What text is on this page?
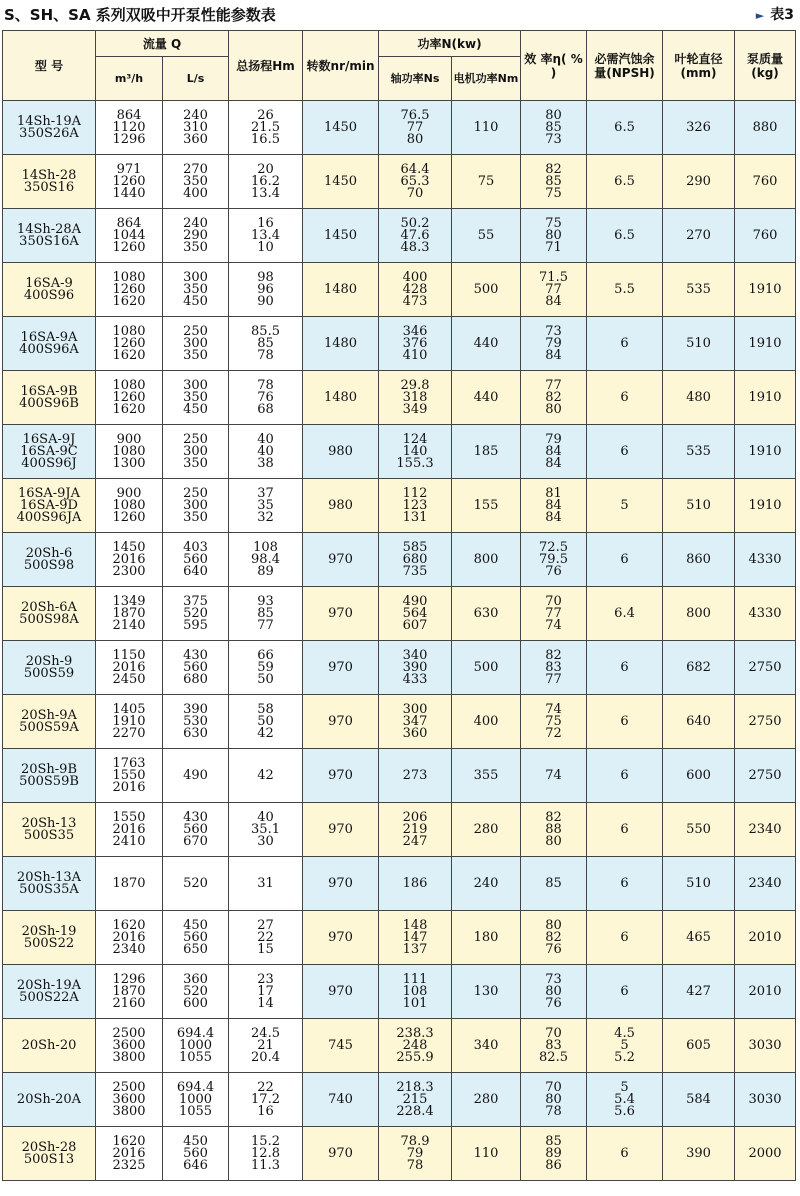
S、SH、SA 系列双吸中开泵性能参数表	► 表3
型 号	流量 Q		总扬程Hm	转数nr/min	功率N(kw)		效 率η( % )	必需汽蚀余 量(NPSH)	叶轮直径(mm)	泵质量(kg)
	m³/h	L/s			轴功率Ns	电机功率Nm				

14Sh-19A
350S26A	864
1120
1296	240
310
360	26
21.5
16.5	1450	76.5
77
80	110	80
85
73	6.5	326	880

14Sh-28
350S16	971
1260
1440	270
350
400	20
16.2
13.4	1450	64.4
65.3
70	75	82
85
75	6.5	290	760

14Sh-28A
350S16A	864
1044
1260	240
290
350	16
13.4
10	1450	50.2
47.6
48.3	55	75
80
71	6.5	270	760

16SA-9
400S96	1080
1260
1620	300
350
450	98
96
90	1480	400
428
473	500	71.5
77
84	5.5	535	1910

16SA-9A
400S96A	1080
1260
1620	250
300
350	85.5
85
78	1480	346
376
410	440	73
79
84	6	510	1910

16SA-9B
400S96B	1080
1260
1620	300
350
450	78
76
68	1480	29.8
318
349	440	77
82
80	6	480	1910

16SA-9J
16SA-9C
400S96J	900
1080
1300	250
300
350	40
40
38	980	124
140
155.3	185	79
84
84	6	535	1910

16SA-9JA
16SA-9D
400S96JA	900
1080
1260	250
300
350	37
35
32	980	112
123
131	155	81
84
84	5	510	1910

20Sh-6
500S98	1450
2016
2300	403
560
640	108
98.4
89	970	585
680
735	800	72.5
79.5
76	6	860	4330

20Sh-6A
500S98A	1349
1870
2140	375
520
595	93
85
77	970	490
564
607	630	70
77
74	6.4	800	4330

20Sh-9
500S59	1150
2016
2450	430
560
680	66
59
50	970	340
390
433	500	82
83
77	6	682	2750

20Sh-9A
500S59A	1405
1910
2270	390
530
630	58
50
42	970	300
347
360	400	74
75
72	6	640	2750

20Sh-9B
500S59B	1763
1550
2016	490	42	970	273	355	74	6	600	2750

20Sh-13
500S35	1550
2016
2410	430
560
670	40
35.1
30	970	206
219
247	280	82
88
80	6	550	2340

20Sh-13A
500S35A	1870	520	31	970	186	240	85	6	510	2340

20Sh-19
500S22	1620
2016
2340	450
560
650	27
22
15	970	148
147
137	180	80
82
76	6	465	2010

20Sh-19A
500S22A	1296
1870
2160	360
520
600	23
17
14	970	111
108
101	130	73
80
76	6	427	2010

20Sh-20	2500
3600
3800	694.4
1000
1055	24.5
21
20.4	745	238.3
248
255.9	340	70
83
82.5	4.5
5
5.2	605	3030

20Sh-20A	2500
3600
3800	694.4
1000
1055	22
17.2
16	740	218.3
215
228.4	280	70
80
78	5
5.4
5.6	584	3030

20Sh-28
500S13	1620
2016
2325	450
560
646	15.2
12.8
11.3	970	78.9
79
78	110	85
89
86	6	390	2000
